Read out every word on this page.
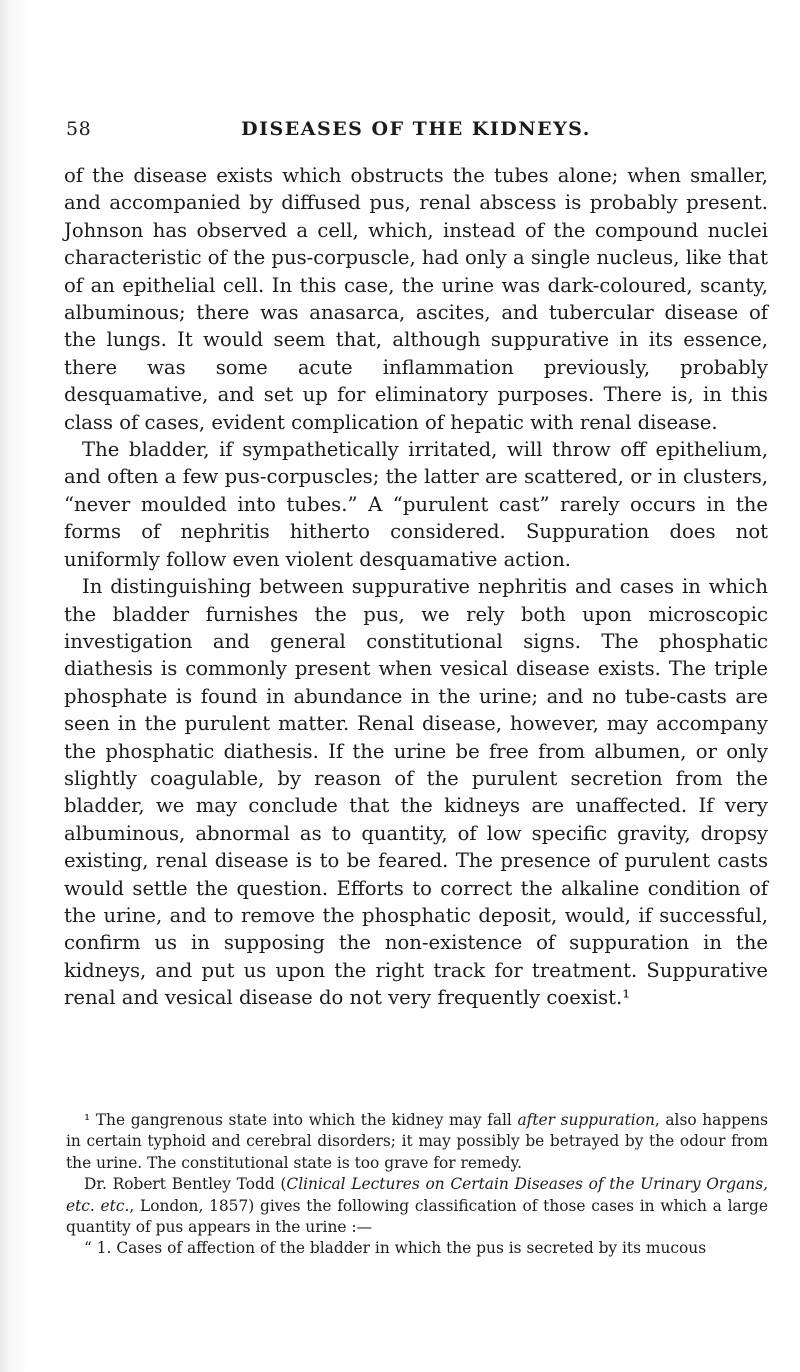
58	DISEASES OF THE KIDNEYS.

of the disease exists which obstructs the tubes alone; when smaller, and accompanied by diffused pus, renal abscess is probably present. Johnson has observed a cell, which, instead of the compound nuclei characteristic of the pus-corpuscle, had only a single nucleus, like that of an epithelial cell. In this case, the urine was dark-coloured, scanty, albuminous; there was anasarca, ascites, and tubercular disease of the lungs. It would seem that, although suppurative in its essence, there was some acute inflammation previously, probably desquamative, and set up for eliminatory purposes. There is, in this class of cases, evident complication of hepatic with renal disease.

The bladder, if sympathetically irritated, will throw off epithelium, and often a few pus-corpuscles; the latter are scattered, or in clusters, “never moulded into tubes.” A “purulent cast” rarely occurs in the forms of nephritis hitherto considered. Suppuration does not uniformly follow even violent desquamative action.

In distinguishing between suppurative nephritis and cases in which the bladder furnishes the pus, we rely both upon microscopic investigation and general constitutional signs. The phosphatic diathesis is commonly present when vesical disease exists. The triple phosphate is found in abundance in the urine; and no tube-casts are seen in the purulent matter. Renal disease, however, may accompany the phosphatic diathesis. If the urine be free from albumen, or only slightly coagulable, by reason of the purulent secretion from the bladder, we may conclude that the kidneys are unaffected. If very albuminous, abnormal as to quantity, of low specific gravity, dropsy existing, renal disease is to be feared. The presence of purulent casts would settle the question. Efforts to correct the alkaline condition of the urine, and to remove the phosphatic deposit, would, if successful, confirm us in supposing the non-existence of suppuration in the kidneys, and put us upon the right track for treatment. Suppurative renal and vesical disease do not very frequently coexist.¹

¹ The gangrenous state into which the kidney may fall after suppuration, also happens in certain typhoid and cerebral disorders; it may possibly be betrayed by the odour from the urine. The constitutional state is too grave for remedy.

Dr. Robert Bentley Todd (Clinical Lectures on Certain Diseases of the Urinary Organs, etc. etc., London, 1857) gives the following classification of those cases in which a large quantity of pus appears in the urine :—

“ 1. Cases of affection of the bladder in which the pus is secreted by its mucous
